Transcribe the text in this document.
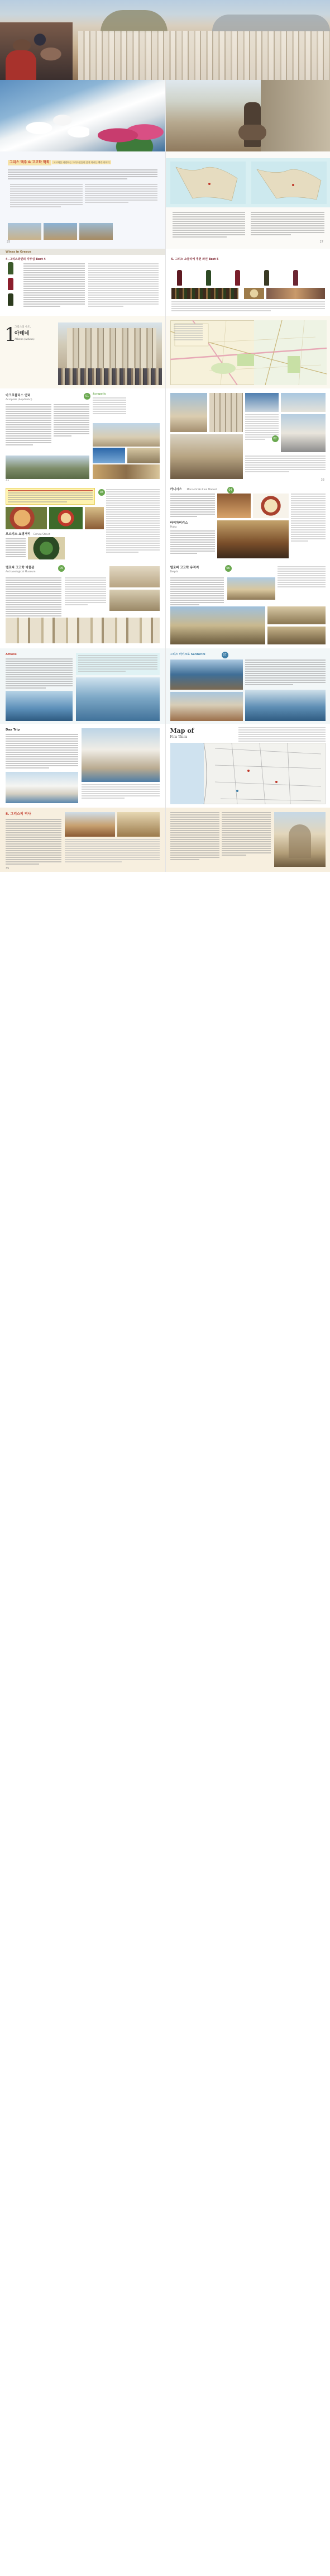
그리스 맥주 & 고고학 학회 고고학을 사랑하는 그리스인들이 즐겨 마시는 맥주 이야기
25	27
Wines in Greece
4. 그리스와인의 자부심 Best 4	5. 그리스 소믈리에 추천 와인 Best 5
1
그리스의 수도,
아테네
Athens (Athína)
아크로폴리스 언덕
Acropolis (Ακρόπολη)
01
Acropolis
31
02
33
오스티스 쇼핑거리 Ermou Street
03
카니시스 Monastiraki Flea Market	04
바이차비키스
Plaka
델로피 고고학 박물관
Archaeological Museum
05	델로피 고고학 유적지
Delphi
06
Athens	그리스 마이크로 Santorini	07
Day Trip	Map of
Fira Thira
5. 그리스의 역사
35
